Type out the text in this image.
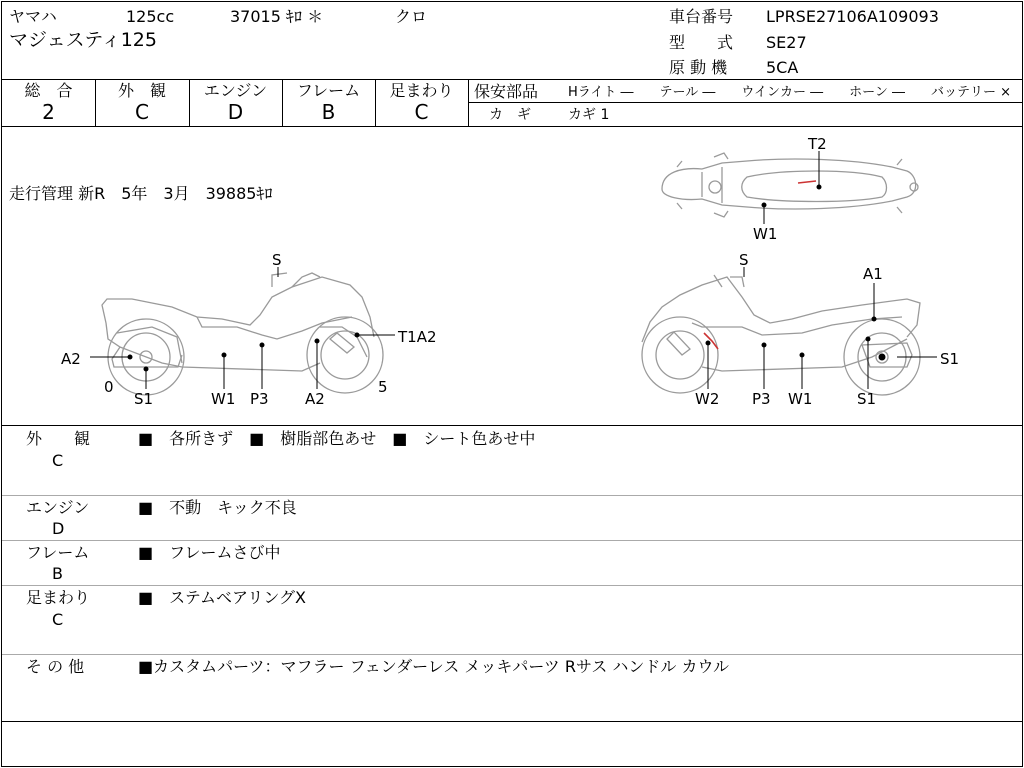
ヤマハ	125cc	37015 ｷﾛ ＊	クロ
マジェスティ125
車台番号 LPRSE27106A109093
型　　式 SE27
原 動 機 5CA
総　合
2
外　観
C
エンジン
D
フレーム
B
足まわり
C
保安部品 Hライト ―　　テール ―　　ウインカー ―　　ホーン ―　　バッテリー ×
カ　ギ	カギ 1
走行管理 新R　5年　3月　39885ｷﾛ
T2
W1
S
T1A2
A2
0	5
S1	W1 P3 A2
S
A1
S1
W2 P3 W1	S1
外　　観
C
■　各所きず　■　樹脂部色あせ　■　シート色あせ中
エンジン
D
■　不動　キック不良
フレーム
B
■　フレームさび中
足まわり
C
■　ステムベアリングX
そ の 他	■カスタムパーツ：マフラー フェンダーレス メッキパーツ Rサス ハンドル カウル
